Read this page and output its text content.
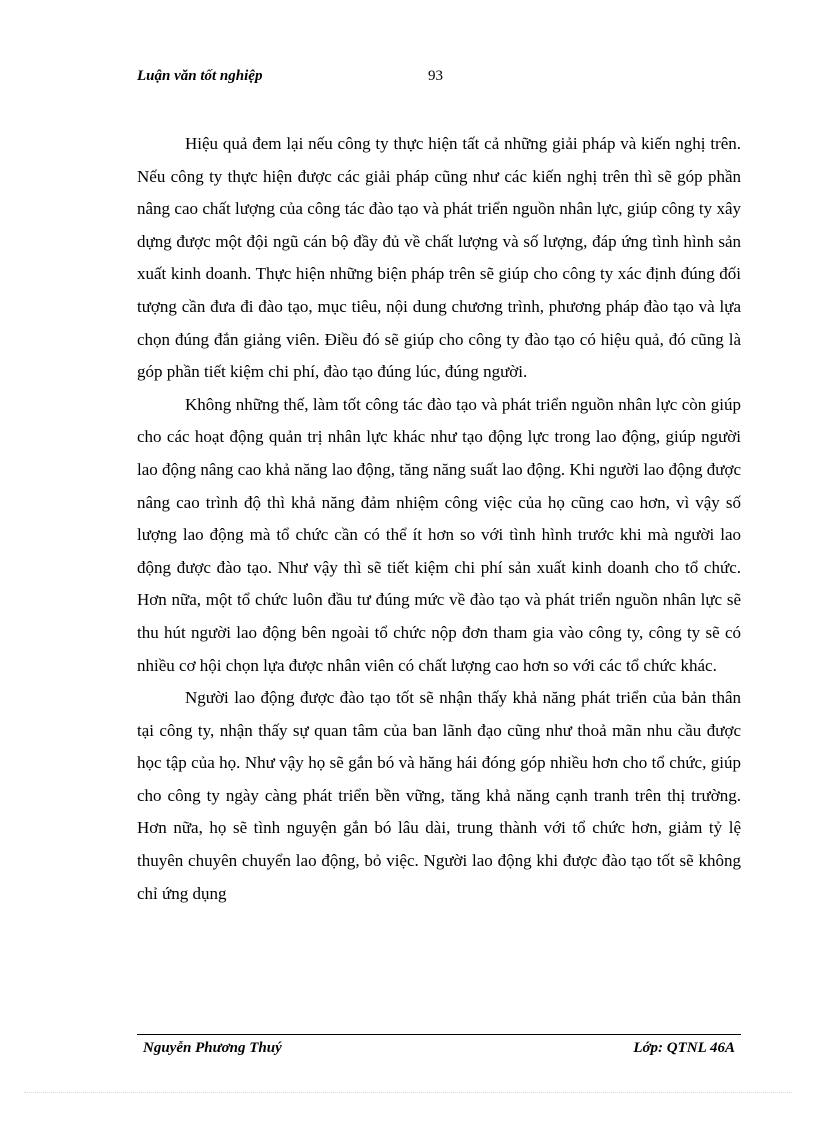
Luận văn tốt nghiệp	93

Hiệu quả đem lại nếu công ty thực hiện tất cả những giải pháp và kiến nghị trên. Nếu công ty thực hiện được các giải pháp cũng như các kiến nghị trên thì sẽ góp phần nâng cao chất lượng của công tác đào tạo và phát triển nguồn nhân lực, giúp công ty xây dựng được một đội ngũ cán bộ đầy đủ về chất lượng và số lượng, đáp ứng tình hình sản xuất kinh doanh. Thực hiện những biện pháp trên sẽ giúp cho công ty xác định đúng đối tượng cần đưa đi đào tạo, mục tiêu, nội dung chương trình, phương pháp đào tạo và lựa chọn đúng đắn giảng viên. Điều đó sẽ giúp cho công ty đào tạo có hiệu quả, đó cũng là góp phần tiết kiệm chi phí, đào tạo đúng lúc, đúng người.

Không những thế, làm tốt công tác đào tạo và phát triển nguồn nhân lực còn giúp cho các hoạt động quản trị nhân lực khác như tạo động lực trong lao động, giúp người lao động nâng cao khả năng lao động, tăng năng suất lao động. Khi người lao động được nâng cao trình độ thì khả năng đảm nhiệm công việc của họ cũng cao hơn, vì vậy số lượng lao động mà tổ chức cần có thể ít hơn so với tình hình trước khi mà người lao động được đào tạo. Như vậy thì sẽ tiết kiệm chi phí sản xuất kinh doanh cho tổ chức. Hơn nữa, một tổ chức luôn đầu tư đúng mức về đào tạo và phát triển nguồn nhân lực sẽ thu hút người lao động bên ngoài tổ chức nộp đơn tham gia vào công ty, công ty sẽ có nhiều cơ hội chọn lựa được nhân viên có chất lượng cao hơn so với các tổ chức khác.

Người lao động được đào tạo tốt sẽ nhận thấy khả năng phát triển của bản thân tại công ty, nhận thấy sự quan tâm của ban lãnh đạo cũng như thoả mãn nhu cầu được học tập của họ. Như vậy họ sẽ gắn bó và hăng hái đóng góp nhiều hơn cho tổ chức, giúp cho công ty ngày càng phát triển bền vững, tăng khả năng cạnh tranh trên thị trường. Hơn nữa, họ sẽ tình nguyện gắn bó lâu dài, trung thành với tổ chức hơn, giảm tỷ lệ thuyên chuyên chuyển lao động, bỏ việc. Người lao động khi được đào tạo tốt sẽ không chỉ ứng dụng

Nguyễn Phương Thuý	Lớp: QTNL 46A
